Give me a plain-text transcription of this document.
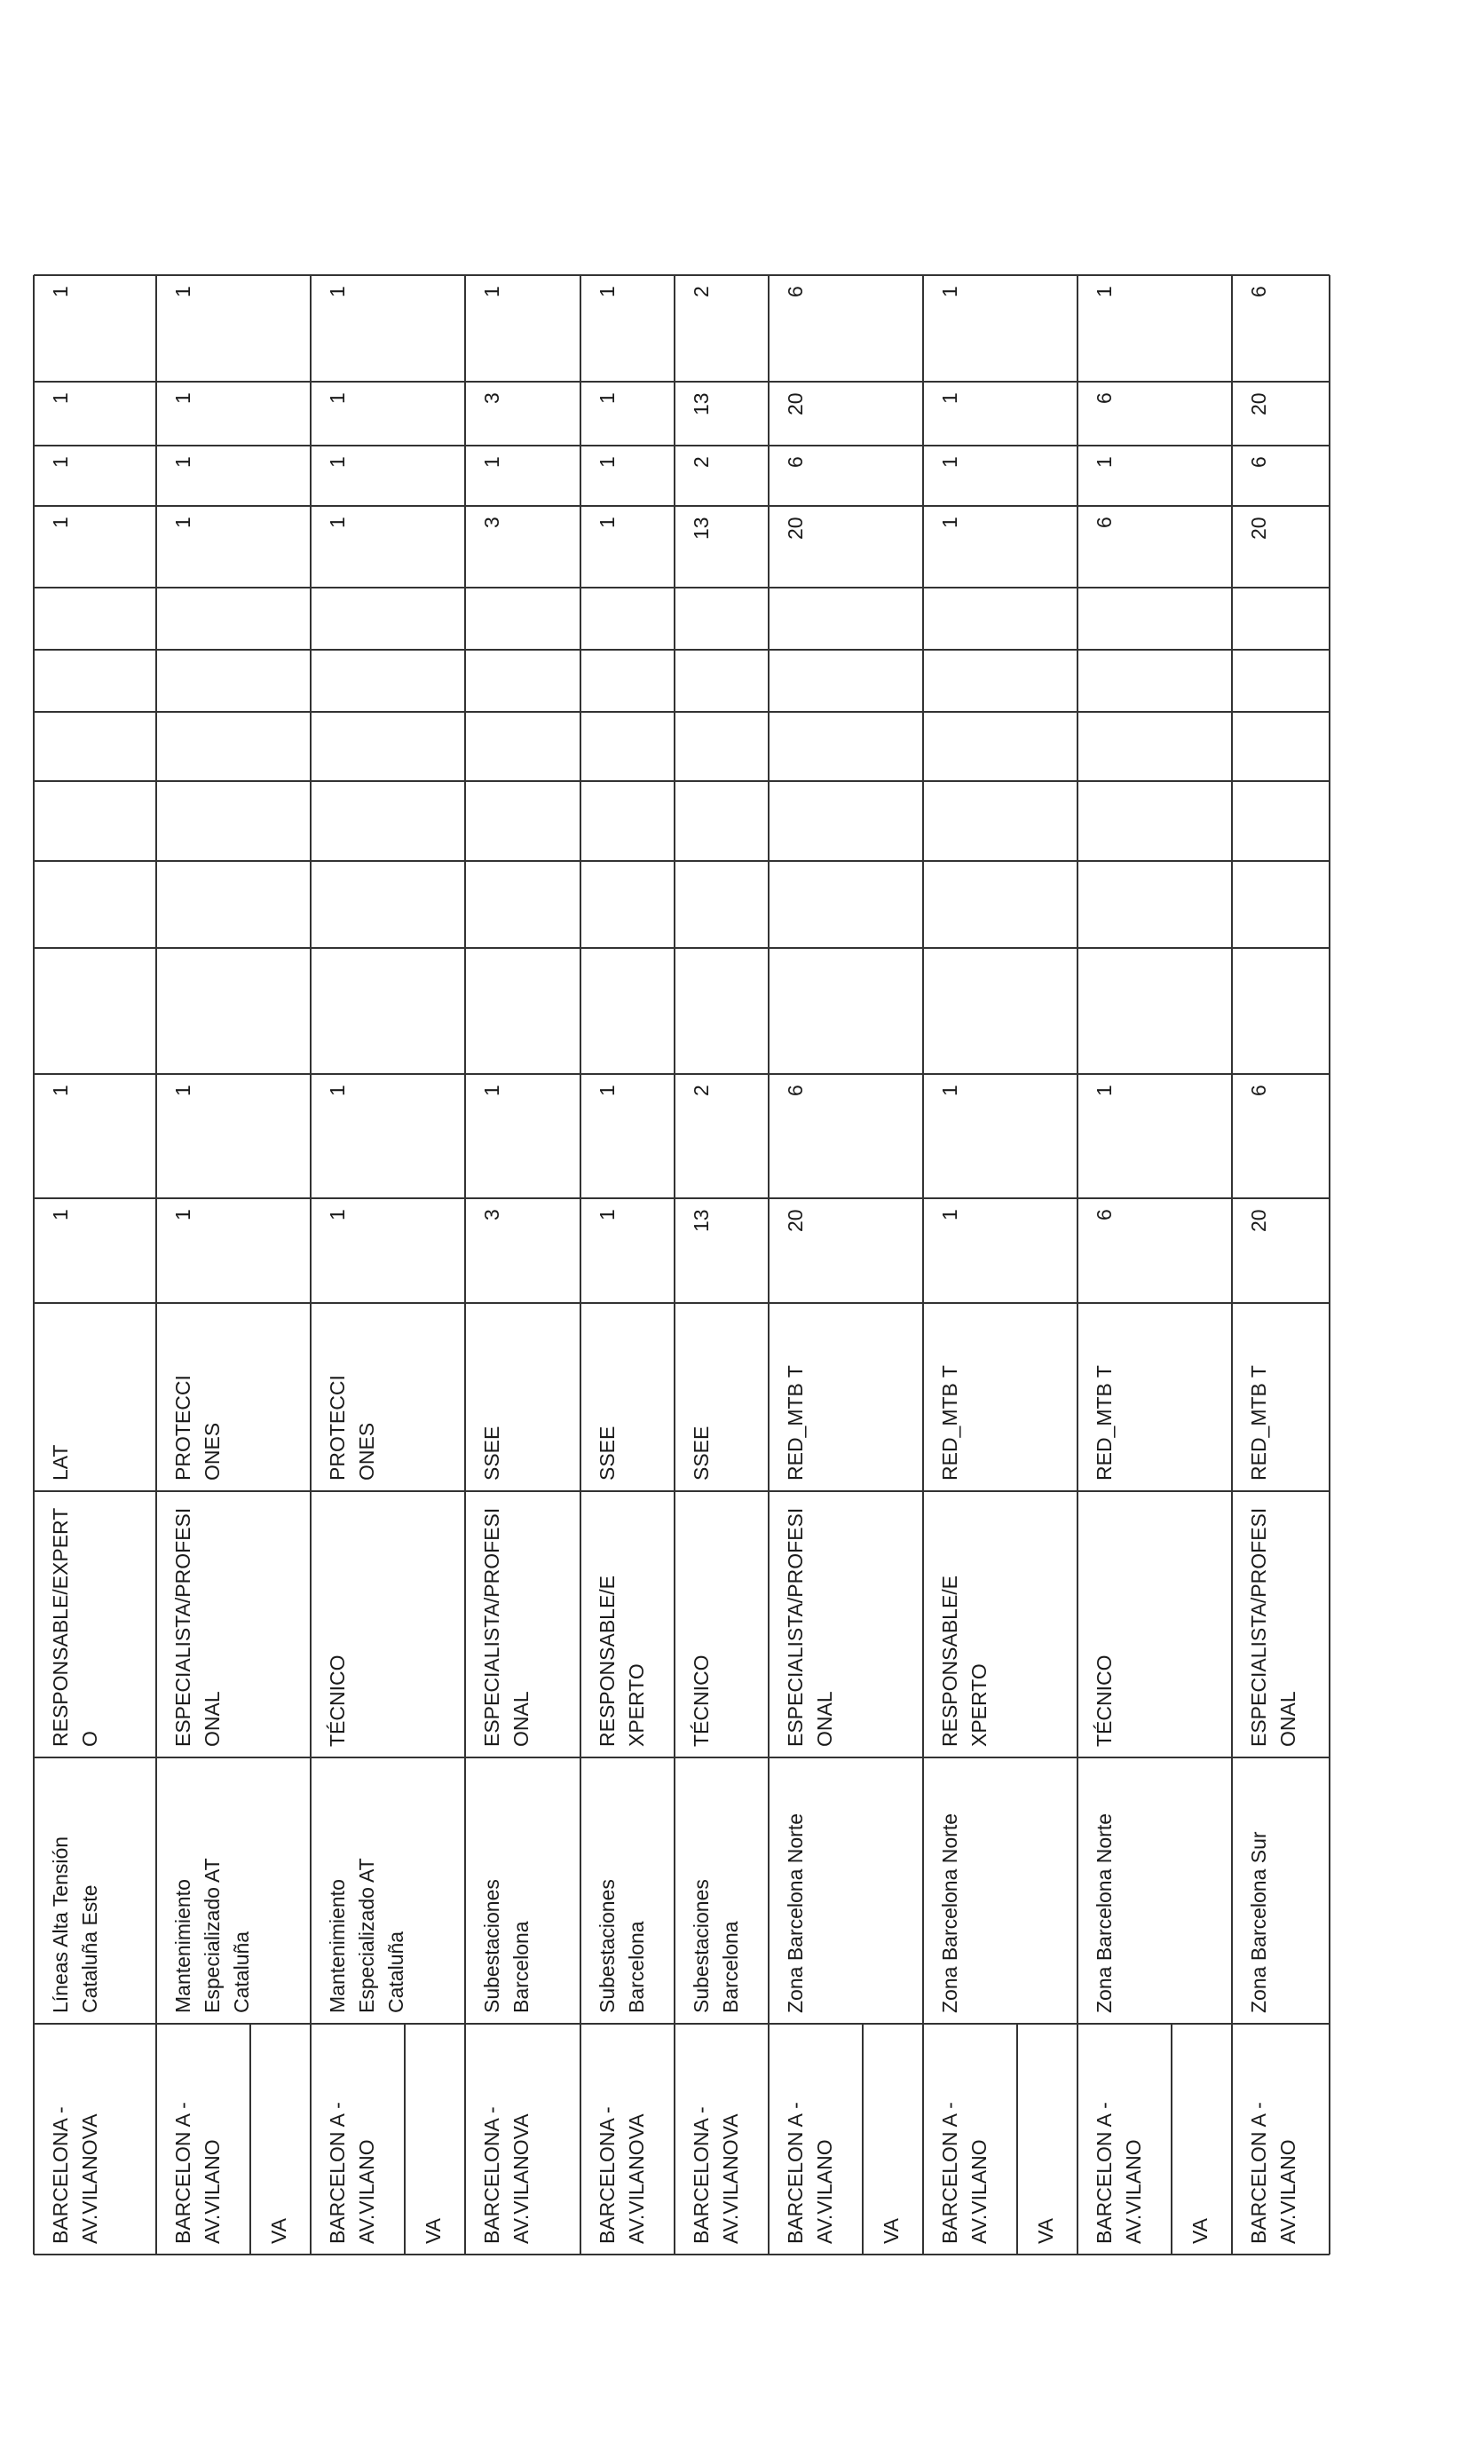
BARCELONA -
AV.VILANOVA
Líneas Alta Tensión
Cataluña Este
RESPONSABLE/EXPERT
O
LAT
1
1
1
1
1
1
BARCELON A -
AV.VILANO
Mantenimiento
Especializado AT
Cataluña
ESPECIALISTA/PROFESI
ONAL
PROTECCI
ONES
1
1
1
1
1
1
VA BARCELON A -
AV.VILANO
Mantenimiento
Especializado AT
Cataluña
TÉCNICO
PROTECCI
ONES
1
1
1
1
1
1
VA BARCELONA -
AV.VILANOVA
Subestaciones
Barcelona
ESPECIALISTA/PROFESI
ONAL
SSEE
3
1
3
1
3
1
BARCELONA -
AV.VILANOVA
Subestaciones
Barcelona
RESPONSABLE/E
XPERTO
SSEE
1
1
1
1
1
1
BARCELONA -
AV.VILANOVA
Subestaciones
Barcelona
TÉCNICO
SSEE
13
2
13
2
13
2
BARCELON A -
AV.VILANO
Zona Barcelona Norte
ESPECIALISTA/PROFESI
ONAL
RED_MTB T
20
6
20
6
20
6
VA BARCELON A -
AV.VILANO
Zona Barcelona Norte
RESPONSABLE/E
XPERTO
RED_MTB T
1
1
1
1
1
1
VA BARCELON A -
AV.VILANO
Zona Barcelona Norte
TÉCNICO
RED_MTB T
6
1
6
1
6
1
VA BARCELON A -
AV.VILANO
Zona Barcelona Sur
ESPECIALISTA/PROFESI
ONAL
RED_MTB T
20
6
20
6
20
6
